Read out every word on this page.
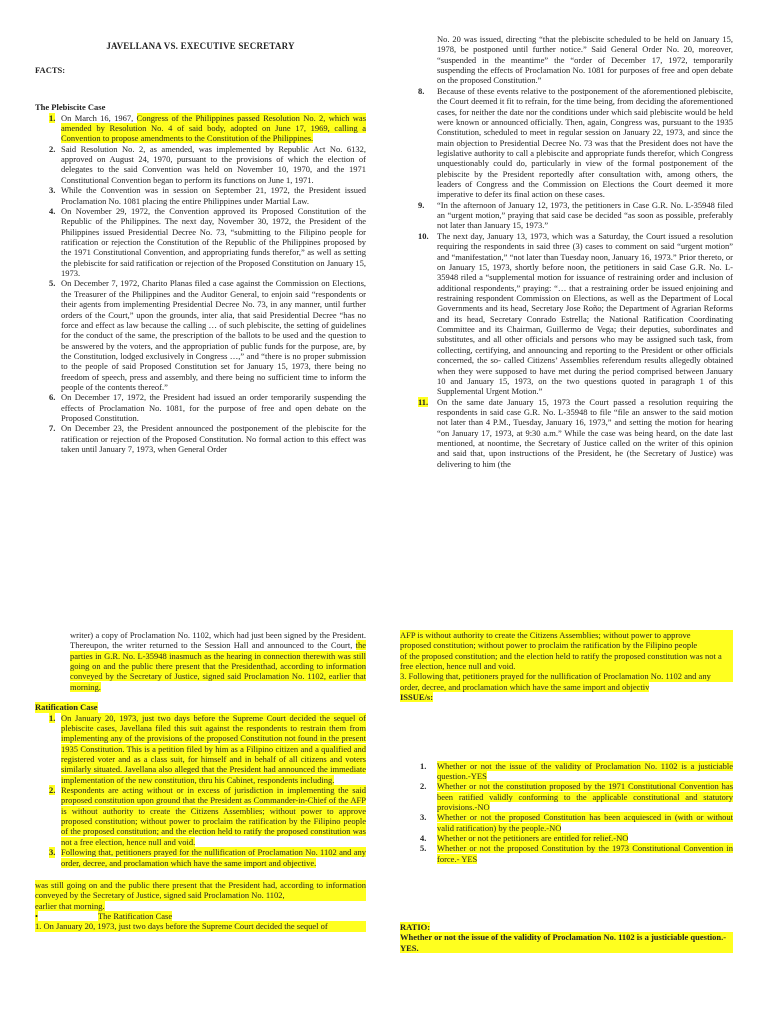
JAVELLANA VS. EXECUTIVE SECRETARY
FACTS:
The Plebiscite Case
1. On March 16, 1967, Congress of the Philippines passed Resolution No. 2, which was amended by Resolution No. 4 of said body, adopted on June 17, 1969, calling a Convention to propose amendments to the Constitution of the Philippines.
2. Said Resolution No. 2, as amended, was implemented by Republic Act No. 6132, approved on August 24, 1970, pursuant to the provisions of which the election of delegates to the said Convention was held on November 10, 1970, and the 1971 Constitutional Convention began to perform its functions on June 1, 1971.
3. While the Convention was in session on September 21, 1972, the President issued Proclamation No. 1081 placing the entire Philippines under Martial Law.
4. On November 29, 1972, the Convention approved its Proposed Constitution of the Republic of the Philippines. The next day, November 30, 1972, the President of the Philippines issued Presidential Decree No. 73, “submitting to the Filipino people for ratification or rejection the Constitution of the Republic of the Philippines proposed by the 1971 Constitutional Convention, and appropriating funds therefor,” as well as setting the plebiscite for said ratification or rejection of the Proposed Constitution on January 15, 1973.
5. On December 7, 1972, Charito Planas filed a case against the Commission on Elections, the Treasurer of the Philippines and the Auditor General, to enjoin said “respondents or their agents from implementing Presidential Decree No. 73, in any manner, until further orders of the Court,” upon the grounds, inter alia, that said Presidential Decree “has no force and effect as law because the calling … of such plebiscite, the setting of guidelines for the conduct of the same, the prescription of the ballots to be used and the question to be answered by the voters, and the appropriation of public funds for the purpose, are, by the Constitution, lodged exclusively in Congress …,” and “there is no proper submission to the people of said Proposed Constitution set for January 15, 1973, there being no freedom of speech, press and assembly, and there being no sufficient time to inform the people of the contents thereof.”
6. On December 17, 1972, the President had issued an order temporarily suspending the effects of Proclamation No. 1081, for the purpose of free and open debate on the Proposed Constitution.
7. On December 23, the President announced the postponement of the plebiscite for the ratification or rejection of the Proposed Constitution. No formal action to this effect was taken until January 7, 1973, when General Order

No. 20 was issued, directing “that the plebiscite scheduled to be held on January 15, 1978, be postponed until further notice.” Said General Order No. 20, moreover, “suspended in the meantime” the “order of December 17, 1972, temporarily suspending the effects of Proclamation No. 1081 for purposes of free and open debate on the proposed Constitution.”

8. Because of these events relative to the postponement of the aforementioned plebiscite, the Court deemed it fit to refrain, for the time being, from deciding the aforementioned cases, for neither the date nor the conditions under which said plebiscite would be held were known or announced officially. Then, again, Congress was, pursuant to the 1935 Constitution, scheduled to meet in regular session on January 22, 1973, and since the main objection to Presidential Decree No. 73 was that the President does not have the legislative authority to call a plebiscite and appropriate funds therefor, which Congress unquestionably could do, particularly in view of the formal postponement of the plebiscite by the President reportedly after consultation with, among others, the leaders of Congress and the Commission on Elections the Court deemed it more imperative to defer its final action on these cases.
9. “In the afternoon of January 12, 1973, the petitioners in Case G.R. No. L-35948 filed an “urgent motion,” praying that said case be decided “as soon as possible, preferably not later than January 15, 1973.”
10. The next day, January 13, 1973, which was a Saturday, the Court issued a resolution requiring the respondents in said three (3) cases to comment on said “urgent motion” and “manifestation,” “not later than Tuesday noon, January 16, 1973.” Prior thereto, or on January 15, 1973, shortly before noon, the petitioners in said Case G.R. No. L-35948 riled a “supplemental motion for issuance of restraining order and inclusion of additional respondents,” praying: “… that a restraining order be issued enjoining and restraining respondent Commission on Elections, as well as the Department of Local Governments and its head, Secretary Jose Roño; the Department of Agrarian Reforms and its head, Secretary Conrado Estrella; the National Ratification Coordinating Committee and its Chairman, Guillermo de Vega; their deputies, subordinates and substitutes, and all other officials and persons who may be assigned such task, from collecting, certifying, and announcing and reporting to the President or other officials concerned, the so- called Citizens’ Assemblies referendum results allegedly obtained when they were supposed to have met during the period comprised between January 10 and January 15, 1973, on the two questions quoted in paragraph 1 of this Supplemental Urgent Motion.”
11. On the same date January 15, 1973 the Court passed a resolution requiring the respondents in said case G.R. No. L-35948 to file “file an answer to the said motion not later than 4 P.M., Tuesday, January 16, 1973,” and setting the motion for hearing “on January 17, 1973, at 9:30 a.m.” While the case was being heard, on the date last mentioned, at noontime, the Secretary of Justice called on the writer of this opinion and said that, upon instructions of the President, he (the Secretary of Justice) was delivering to him (the

writer) a copy of Proclamation No. 1102, which had just been signed by the President. Thereupon, the writer returned to the Session Hall and announced to the Court, the parties in G.R. No. L-35948 inasmuch as the hearing in connection therewith was still going on and the public there present that the Presidenthad, according to information conveyed by the Secretary of Justice, signed said Proclamation No. 1102, earlier that morning.

Ratification Case
1. On January 20, 1973, just two days before the Supreme Court decided the sequel of plebiscite cases, Javellana filed this suit against the respondents to restrain them from implementing any of the provisions of the proposed Constitution not found in the present 1935 Constitution. This is a petition filed by him as a Filipino citizen and a qualified and registered voter and as a class suit, for himself and in behalf of all citizens and voters similarly situated. Javellana also alleged that the President had announced the immediate implementation of the new constitution, thru his Cabinet, respondents including.
2. Respondents are acting without or in excess of jurisdiction in implementing the said proposed constitution upon ground that the President as Commander-in-Chief of the AFP is without authority to create the Citizens Assemblies; without power to approve proposed constitution; without power to proclaim the ratification by the Filipino people of the proposed constitution; and the election held to ratify the proposed constitution was not a free election, hence null and void.
3. Following that, petitioners prayed for the nullification of Proclamation No. 1102 and any order, decree, and proclamation which have the same import and objective.
was still going on and the public there present that the President had, according to information conveyed by the Secretary of Justice, signed said Proclamation No. 1102,
earlier that morning.
•	The Ratification Case
1. On January 20, 1973, just two days before the Supreme Court decided the sequel of
AFP is without authority to create the Citizens Assemblies; without power to approve
proposed constitution; without power to proclaim the ratification by the Filipino people
of the proposed constitution; and the election held to ratify the proposed constitution was not a free election, hence null and void.
3. Following that, petitioners prayed for the nullification of Proclamation No. 1102 and any
order, decree, and proclamation which have the same import and objectiv
ISSUE/s:
1. Whether or not the issue of the validity of Proclamation No. 1102 is a justiciable question.-YES
2. Whether or not the constitution proposed by the 1971 Constitutional Convention has been ratified validly conforming to the applicable constitutional and statutory provisions.-NO
3. Whether or not the proposed Constitution has been acquiesced in (with or without valid ratification) by the people.-NO
4. Whether or not the petitioners are entitled for relief.-NO
5. Whether or not the proposed Constitution by the 1973 Constitutional Convention in force.- YES
RATIO:
Whether or not the issue of the validity of Proclamation No. 1102 is a justiciable question.- YES.
